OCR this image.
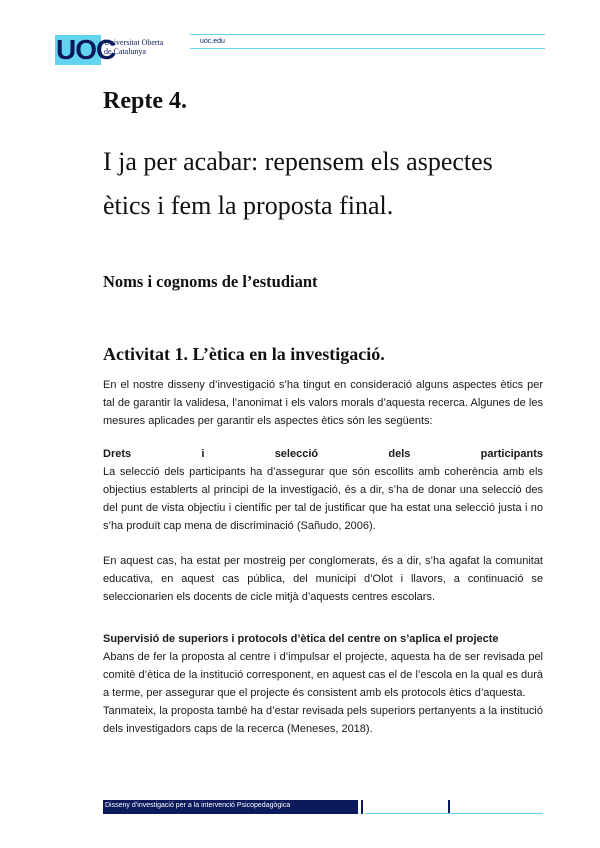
UOC
Universitat Oberta
de Catalunya
uoc.edu
Repte 4.

I ja per acabar: repensem els aspectes ètics i fem la proposta final.

Noms i cognoms de l’estudiant
Activitat 1. L’ètica en la investigació.

En el nostre disseny d’investigació s’ha tingut en consideració alguns aspectes ètics per tal de garantir la validesa, l’anonimat i els valors morals d’aquesta recerca. Algunes de les mesures aplicades per garantir els aspectes ètics són les següents:

Drets	i	selecció	dels	participants

La selecció dels participants ha d’assegurar que són escollits amb coherència amb els objectius establerts al principi de la investigació, és a dir, s’ha de donar una selecció des del punt de vista objectiu i científic per tal de justificar que ha estat una selecció justa i no s’ha produït cap mena de discriminació (Sañudo, 2006).

En aquest cas, ha estat per mostreig per conglomerats, és a dir, s’ha agafat la comunitat educativa, en aquest cas pública, del municipi d’Olot i llavors, a continuació se seleccionarien els docents de cicle mitjà d’aquests centres escolars.

Supervisió de superiors i protocols d’ètica del centre on s’aplica el projecte

Abans de fer la proposta al centre i d’impulsar el projecte, aquesta ha de ser revisada pel comitè d’ètica de la institució corresponent, en aquest cas el de l’escola en la qual es durà a terme, per assegurar que el projecte és consistent amb els protocols ètics d’aquesta.

Tanmateix, la proposta també ha d’estar revisada pels superiors pertanyents a la institució dels investigadors caps de la recerca (Meneses, 2018).

Disseny d’investigació per a la intervenció Psicopedagògica
